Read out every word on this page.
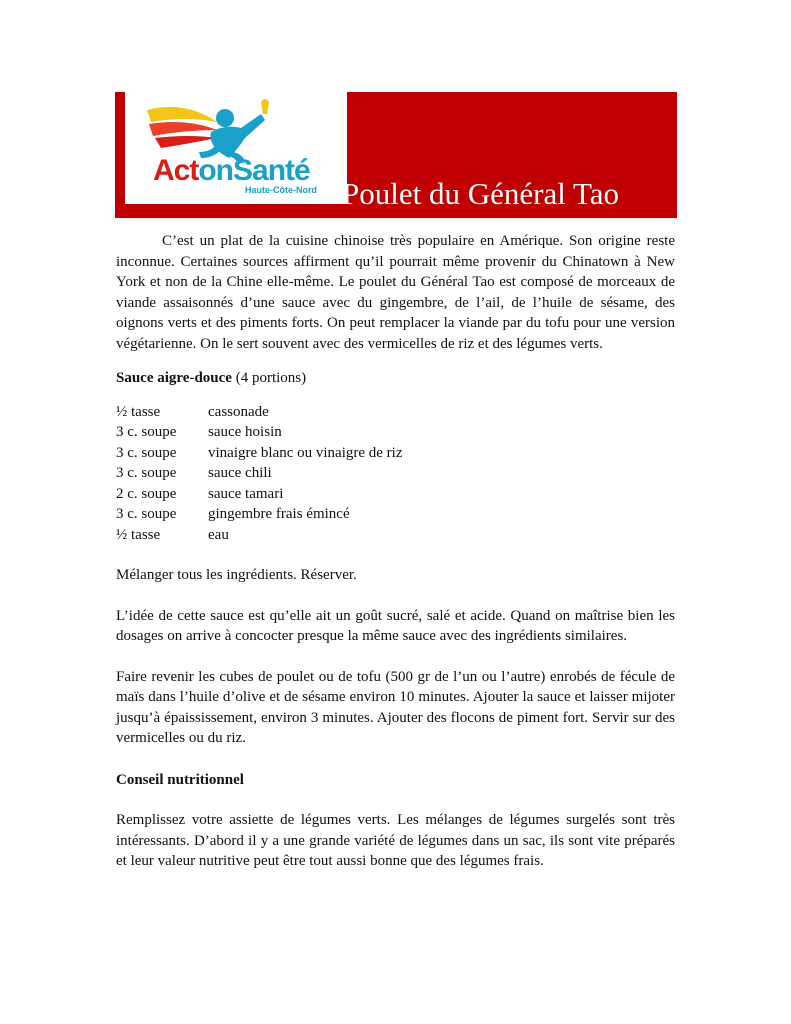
ActonSanté
Haute-Côte-Nord Poulet du Général Tao

C’est un plat de la cuisine chinoise très populaire en Amérique. Son origine reste inconnue. Certaines sources affirment qu’il pourrait même provenir du Chinatown à New York et non de la Chine elle-même. Le poulet du Général Tao est composé de morceaux de viande assaisonnés d’une sauce avec du gingembre, de l’ail, de l’huile de sésame, des oignons verts et des piments forts. On peut remplacer la viande par du tofu pour une version végétarienne. On le sert souvent avec des vermicelles de riz et des légumes verts.

Sauce aigre-douce (4 portions)

½ tasse	cassonade
3 c. soupe	sauce hoisin
3 c. soupe	vinaigre blanc ou vinaigre de riz
3 c. soupe	sauce chili
2 c. soupe	sauce tamari
3 c. soupe	gingembre frais émincé
½ tasse	eau

Mélanger tous les ingrédients. Réserver.

L’idée de cette sauce est qu’elle ait un goût sucré, salé et acide. Quand on maîtrise bien les dosages on arrive à concocter presque la même sauce avec des ingrédients similaires.

Faire revenir les cubes de poulet ou de tofu (500 gr de l’un ou l’autre) enrobés de fécule de maïs dans l’huile d’olive et de sésame environ 10 minutes. Ajouter la sauce et laisser mijoter jusqu’à épaississement, environ 3 minutes. Ajouter des flocons de piment fort. Servir sur des vermicelles ou du riz.

Conseil nutritionnel

Remplissez votre assiette de légumes verts. Les mélanges de légumes surgelés sont très intéressants. D’abord il y a une grande variété de légumes dans un sac, ils sont vite préparés et leur valeur nutritive peut être tout aussi bonne que des légumes frais.
